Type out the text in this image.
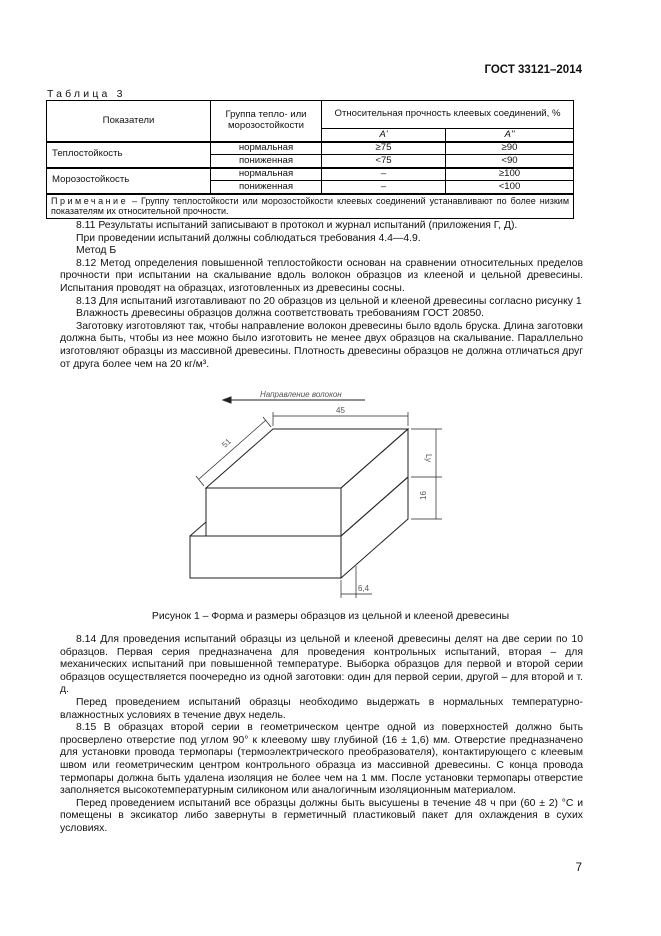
ГОСТ 33121–2014
Таблица 3
Показатели	Группа тепло- или морозостойкости	Относительная прочность клеевых соединений, %	
		A'	A''
Теплостойкость	нормальная	≥75	≥90
	пониженная	<75	<90
Морозостойкость	нормальная	–	≥100
	пониженная	–	<100
Примечание – Группу теплостойкости или морозостойкости клеевых соединений устанавливают по более низким показателям их относительной прочности.			

8.11 Результаты испытаний записывают в протокол и журнал испытаний (приложения Г, Д).

При проведении испытаний должны соблюдаться требования 4.4—4.9.

Метод Б

8.12 Метод определения повышенной теплостойкости основан на сравнении относительных пределов прочности при испытании на скалывание вдоль волокон образцов из клееной и цельной древесины. Испытания проводят на образцах, изготовленных из древесины сосны.

8.13 Для испытаний изготавливают по 20 образцов из цельной и клееной древесины согласно рисунку 1

Влажность древесины образцов должна соответствовать требованиям ГОСТ 20850.

Заготовку изготовляют так, чтобы направление волокон древесины было вдоль бруска. Длина заготовки должна быть, чтобы из нее можно было изготовить не менее двух образцов на скалывание. Параллельно изготовляют образцы из массивной древесины. Плотность древесины образцов не должна отличаться друг от друга более чем на 20 кг/м³.

Направление волокон
45
51
Ly
16
6,4
Рисунок 1 – Форма и размеры образцов из цельной и клееной древесины

8.14 Для проведения испытаний образцы из цельной и клееной древесины делят на две серии по 10 образцов. Первая серия предназначена для проведения контрольных испытаний, вторая – для механических испытаний при повышенной температуре. Выборка образцов для первой и второй серии образцов осуществляется поочередно из одной заготовки: один для первой серии, другой – для второй и т. д.

Перед проведением испытаний образцы необходимо выдержать в нормальных температурно-влажностных условиях в течение двух недель.

8.15 В образцах второй серии в геометрическом центре одной из поверхностей должно быть просверлено отверстие под углом 90° к клеевому шву глубиной (16 ± 1,6) мм. Отверстие предназначено для установки провода термопары (термоэлектрического преобразователя), контактирующего с клеевым швом или геометрическим центром контрольного образца из массивной древесины. С конца провода термопары должна быть удалена изоляция не более чем на 1 мм. После установки термопары отверстие заполняется высокотемпературным силиконом или аналогичным изоляционным материалом.

Перед проведением испытаний все образцы должны быть высушены в течение 48 ч при (60 ± 2) °С и помещены в эксикатор либо завернуты в герметичный пластиковый пакет для охлаждения в сухих условиях.

7
